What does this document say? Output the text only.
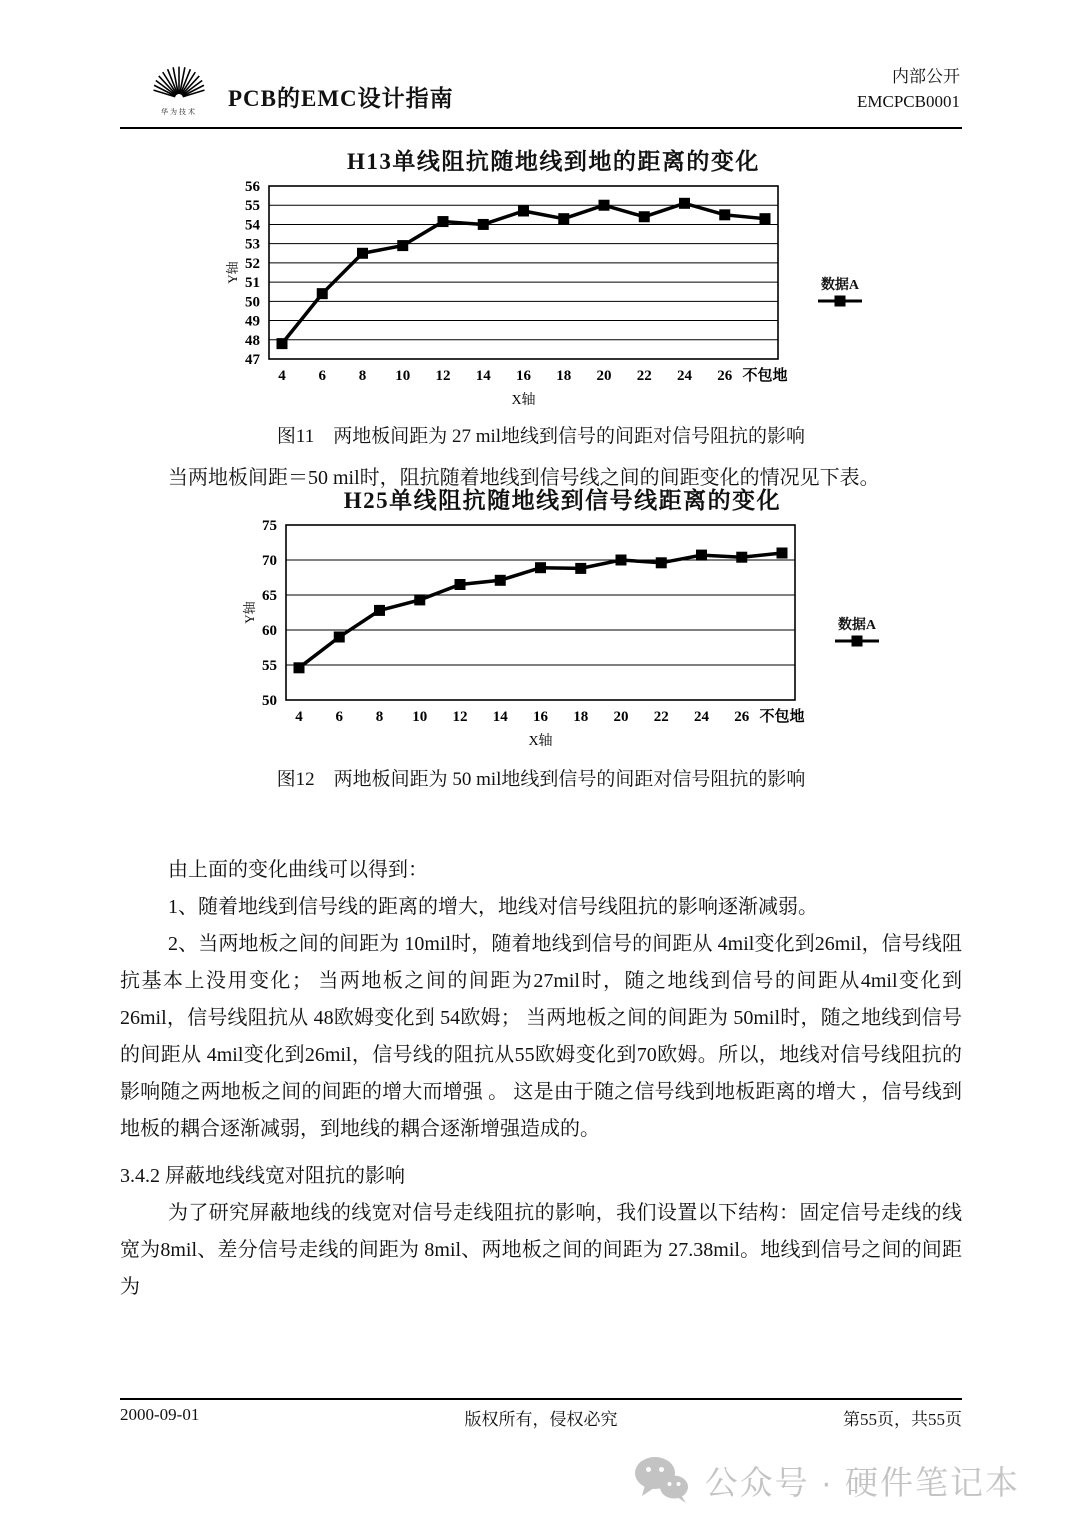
华为技术
PCB的EMC设计指南
内部公开
EMCPCB0001
H13单线阻抗随地线到地的距离的变化
47
48
49
50
51
52
53
54
55
56
4 6 8 10 12 14 16 18 20 22 24 26 不包地
X轴
Y轴
数据A

图11　两地板间距为 27 mil地线到信号的间距对信号阻抗的影响

当两地板间距＝50 mil时，阻抗随着地线到信号线之间的间距变化的情况见下表。

H25单线阻抗随地线到信号线距离的变化
50
55
60
65
70
75
4 6 8 10 12 14 16 18 20 22 24 26 不包地
X轴
Y轴
数据A

图12　两地板间距为 50 mil地线到信号的间距对信号阻抗的影响

由上面的变化曲线可以得到：

1、随着地线到信号线的距离的增大，地线对信号线阻抗的影响逐渐减弱。

2、当两地板之间的间距为 10mil时，随着地线到信号的间距从 4mil变化到26mil，信号线阻抗基本上没用变化； 当两地板之间的间距为27mil时，随之地线到信号的间距从4mil变化到26mil，信号线阻抗从 48欧姆变化到 54欧姆； 当两地板之间的间距为 50mil时，随之地线到信号的间距从 4mil变化到26mil，信号线的阻抗从55欧姆变化到70欧姆。所以，地线对信号线阻抗的影响随之两地板之间的间距的增大而增强 。 这是由于随之信号线到地板距离的增大 ，信号线到地板的耦合逐渐减弱，到地线的耦合逐渐增强造成的。

3.4.2 屏蔽地线线宽对阻抗的影响

为了研究屏蔽地线的线宽对信号走线阻抗的影响，我们设置以下结构：固定信号走线的线宽为8mil、差分信号走线的间距为 8mil、两地板之间的间距为 27.38mil。地线到信号之间的间距为

2000-09-01	版权所有，侵权必究	第55页，共55页
公众号 · 硬件笔记本
